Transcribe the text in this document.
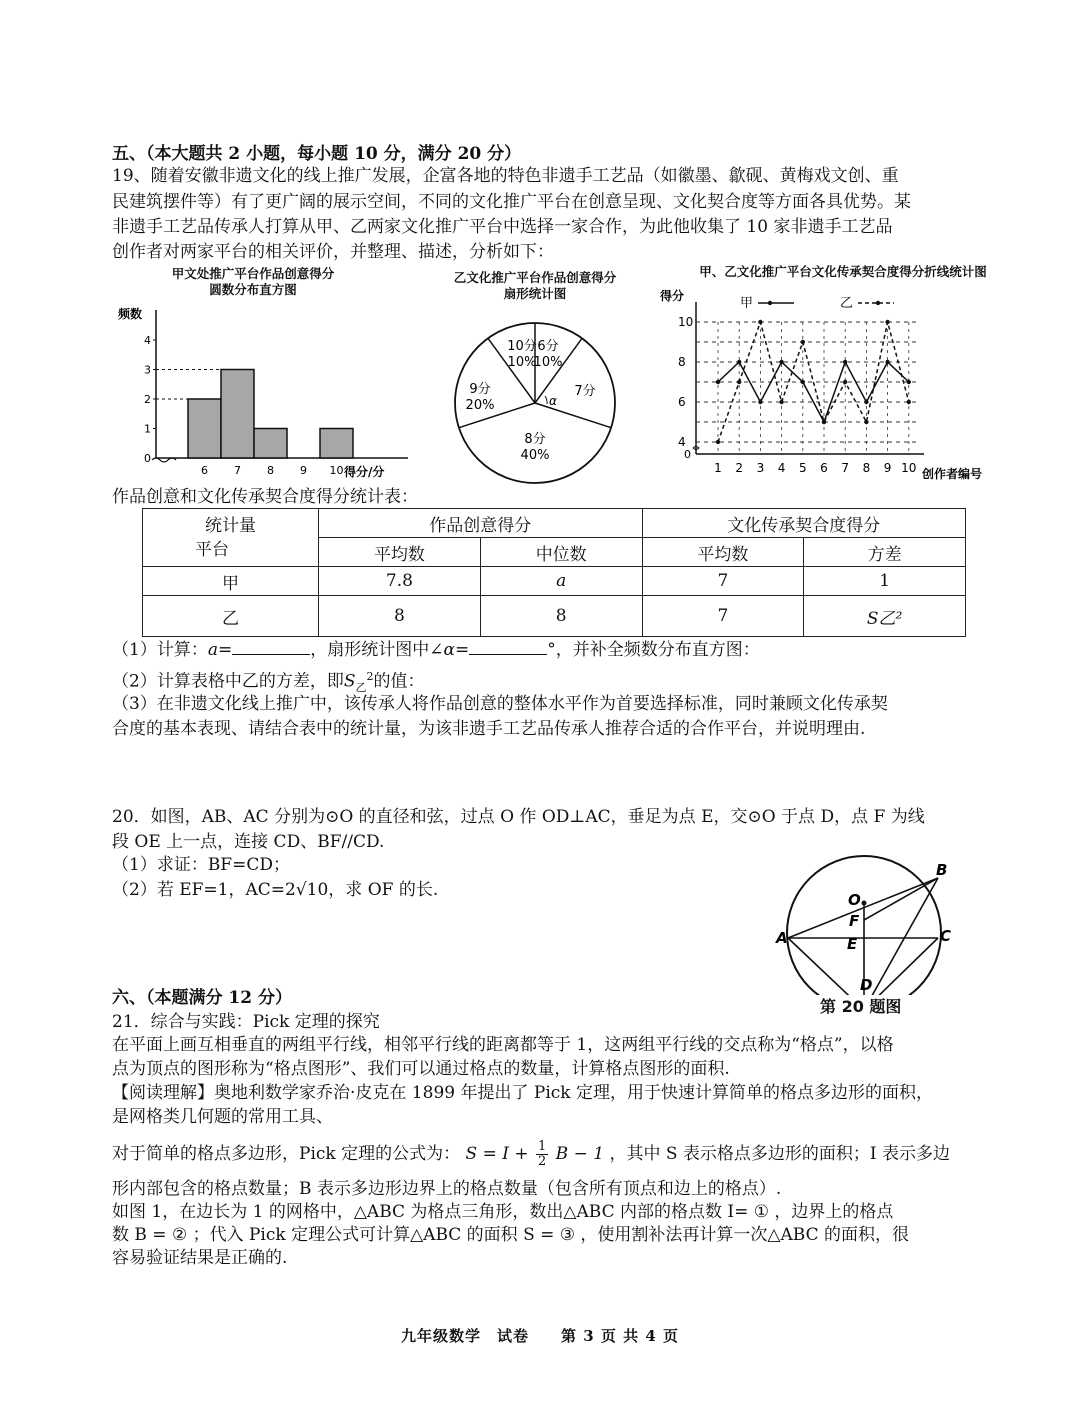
五、（本大题共 2 小题，每小题 10 分，满分 20 分）
19、随着安徽非遗文化的线上推广发展，企富各地的特色非遗手工艺品（如徽墨、歙砚、黄梅戏文创、重
民建筑摆件等）有了更广阔的展示空间，不同的文化推广平台在创意呈现、文化契合度等方面各具优势。某
非遗手工艺品传承人打算从甲、乙两家文化推广平台中选择一家合作，为此他收集了 10 家非遗手工艺品
创作者对两家平台的相关评价，并整理、描述，分析如下：
甲文处推广平台作品创意得分
圆数分布直方图
乙文化推广平台作品创意得分
扇形统计图
甲、乙文化推广平台文化传承契合度得分折线统计图
频数
得分/分
0
1
2
3
4
6 7 8 9 10
10分
10%
6分
10%
7分
8分
40%
9分
20%	α
得分
创作者编号
0
4
6
8
10
1 2 3 4 5 6 7 8 9 10
甲	乙
作品创意和文化传承契合度得分统计表：
统计量
平台	作品创意得分		文化传承契合度得分	
	平均数	中位数	平均数	方差
甲	7.8	a	7	1
乙	8	8	7	S乙²
（1）计算：a=	，扇形统计图中∠α=	°，并补全频数分布直方图：
（2）计算表格中乙的方差，即$S_乙^2$的值：
（3）在非遗文化线上推广中，该传承人将作品创意的整体水平作为首要选择标准，同时兼顾文化传承契
合度的基本表现、请结合表中的统计量，为该非遗手工艺品传承人推荐合适的合作平台，并说明理由.
20．如图，AB、AC 分别为⊙O 的直径和弦，过点 O 作 OD⊥AC，垂足为点 E，交⊙O 于点 D，点 F 为线
段 OE 上一点，连接 CD、BF//CD.
（1）求证：BF=CD；
（2）若 EF=1，AC=2√10，求 OF 的长.	O
F
E
A
B
C
D
第 20 题图
六、（本题满分 12 分）
21．综合与实践：Pick 定理的探究
在平面上画互相垂直的两组平行线，相邻平行线的距离都等于 1，这两组平行线的交点称为“格点”，以格
点为顶点的图形称为“格点图形”、我们可以通过格点的数量，计算格点图形的面积.
【阅读理解】奥地利数学家乔治·皮克在 1899 年提出了 Pick 定理，用于快速计算简单的格点多边形的面积，
是网格类几何题的常用工具、
对于简单的格点多边形，Pick 定理的公式为： $S = I + \frac{1}{2}$ B − 1 ，其中 S 表示格点多边形的面积；I 表示多边
形内部包含的格点数量；B 表示多边形边界上的格点数量（包含所有顶点和边上的格点）.
如图 1，在边长为 1 的网格中，△ABC 为格点三角形，数出△ABC 内部的格点数 I= ① ，边界上的格点
数 B = ② ；代入 Pick 定理公式可计算△ABC 的面积 S = ③ ，使用割补法再计算一次△ABC 的面积，很
容易验证结果是正确的.
九年级数学　试卷　　第 3 页 共 4 页
